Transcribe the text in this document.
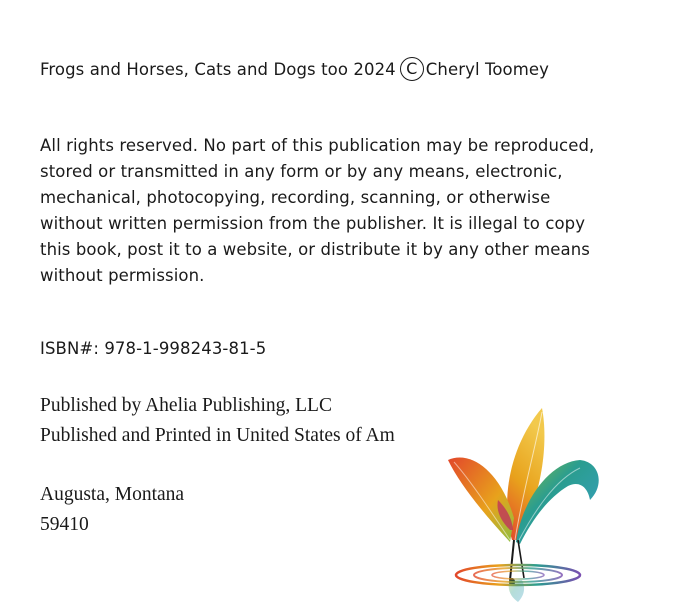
Frogs and Horses, Cats and Dogs too 2024 C Cheryl Toomey

All rights reserved. No part of this publication may be reproduced, stored or transmitted in any form or by any means, electronic, mechanical, photocopying, recording, scanning, or otherwise without written permission from the publisher. It is illegal to copy this book, post it to a website, or distribute it by any other means without permission.

ISBN#: 978-1-998243-81-5
Published by Ahelia Publishing, LLC
Published and Printed in United States of Am
Augusta, Montana
59410
